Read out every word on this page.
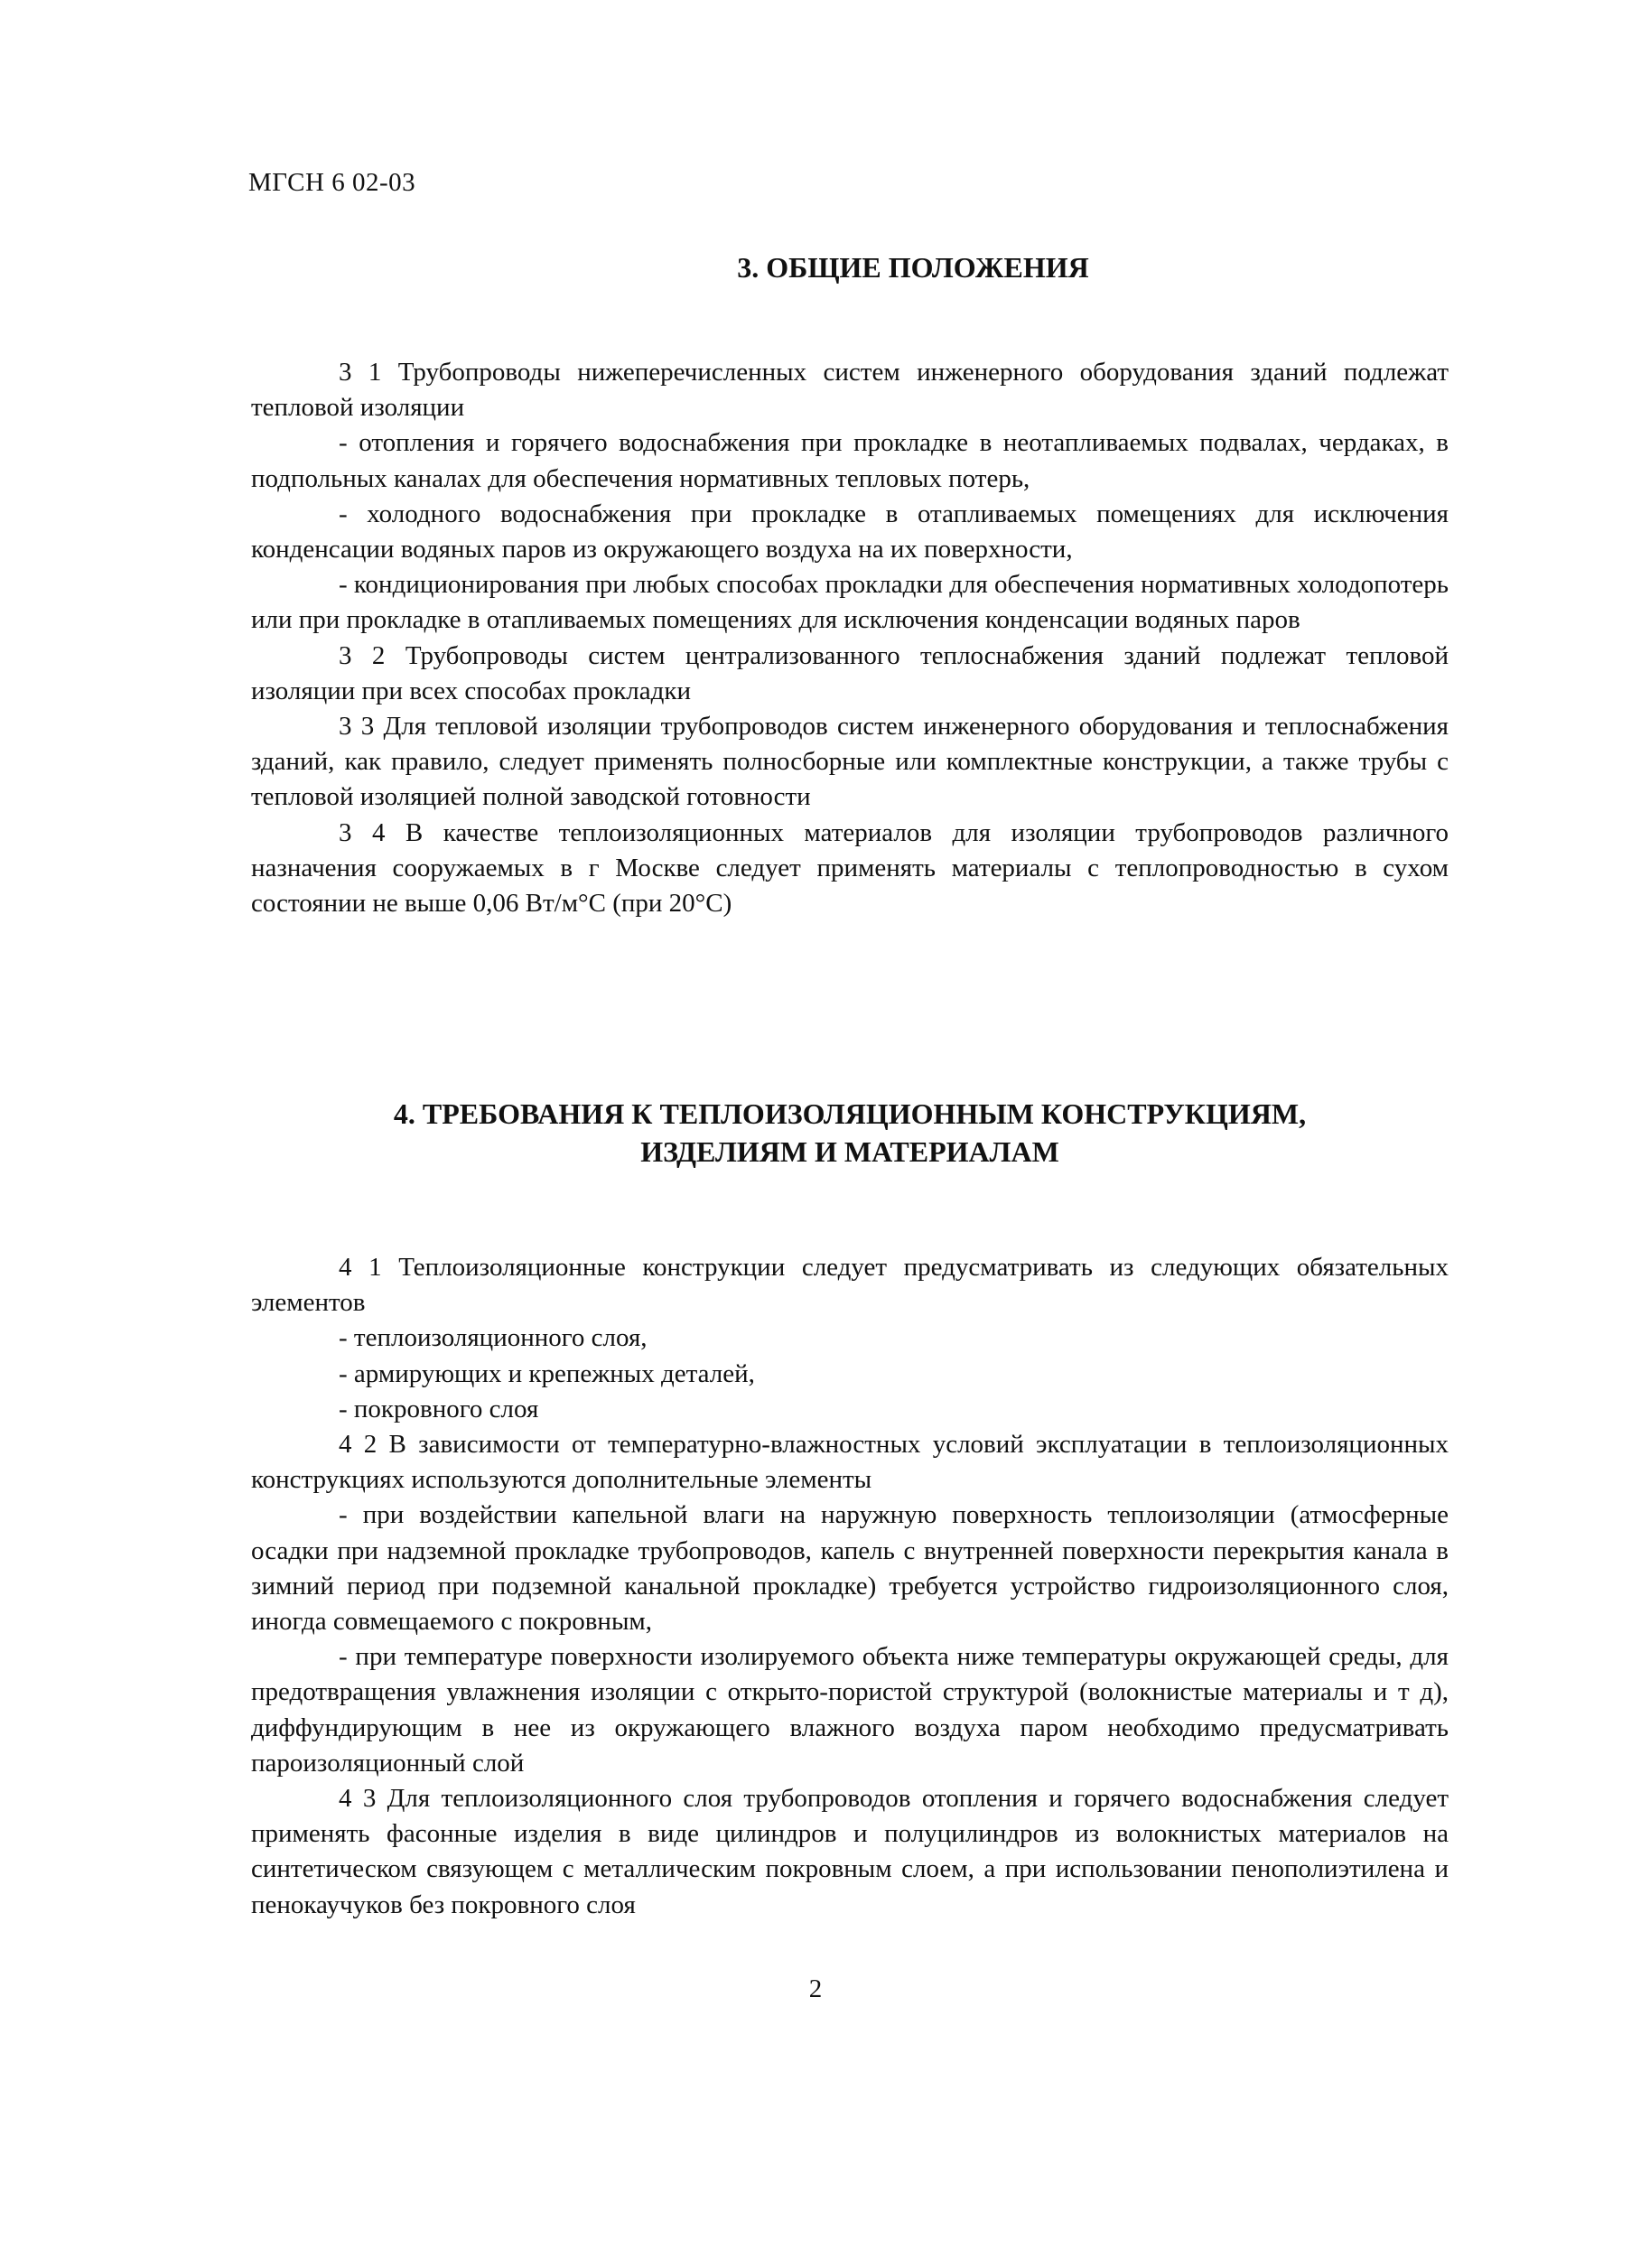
МГСН 6 02-03
3. ОБЩИЕ ПОЛОЖЕНИЯ

3 1 Трубопроводы нижеперечисленных систем инженерного оборудования зданий подлежат тепловой изоляции

- отопления и горячего водоснабжения при прокладке в неотапливаемых подвалах, чердаках, в подпольных каналах для обеспечения нормативных тепловых потерь,

- холодного водоснабжения при прокладке в отапливаемых помещениях для исключения конденсации водяных паров из окружающего воздуха на их поверхности,

- кондиционирования при любых способах прокладки для обеспечения нормативных холодопотерь или при прокладке в отапливаемых помещениях для исключения конденсации водяных паров

3 2 Трубопроводы систем централизованного теплоснабжения зданий подлежат тепловой изоляции при всех способах прокладки

3 3 Для тепловой изоляции трубопроводов систем инженерного оборудования и теплоснабжения зданий, как правило, следует применять полносборные или комплектные конструкции, а также трубы с тепловой изоляцией полной заводской готовности

3 4 В качестве теплоизоляционных материалов для изоляции трубопроводов различного назначения сооружаемых в г Москве следует применять материалы с теплопроводностью в сухом состоянии не выше 0,06 Вт/м°С (при 20°С)

4. ТРЕБОВАНИЯ К ТЕПЛОИЗОЛЯЦИОННЫМ КОНСТРУКЦИЯМ,
ИЗДЕЛИЯМ И МАТЕРИАЛАМ

4 1 Теплоизоляционные конструкции следует предусматривать из следующих обязательных элементов

- теплоизоляционного слоя,

- армирующих и крепежных деталей,

- покровного слоя

4 2 В зависимости от температурно-влажностных условий эксплуатации в теплоизоляционных конструкциях используются дополнительные элементы

- при воздействии капельной влаги на наружную поверхность теплоизоляции (атмосферные осадки при надземной прокладке трубопроводов, капель с внутренней поверхности перекрытия канала в зимний период при подземной канальной прокладке) требуется устройство гидроизоляционного слоя, иногда совмещаемого с покровным,

- при температуре поверхности изолируемого объекта ниже температуры окружающей среды, для предотвращения увлажнения изоляции с открыто-пористой структурой (волокнистые материалы и т д), диффундирующим в нее из окружающего влажного воздуха паром необходимо предусматривать пароизоляционный слой

4 3 Для теплоизоляционного слоя трубопроводов отопления и горячего водоснабжения следует применять фасонные изделия в виде цилиндров и полуцилиндров из волокнистых материалов на синтетическом связующем с металлическим покровным слоем, а при использовании пенополиэтилена и пенокаучуков без покровного слоя

2
